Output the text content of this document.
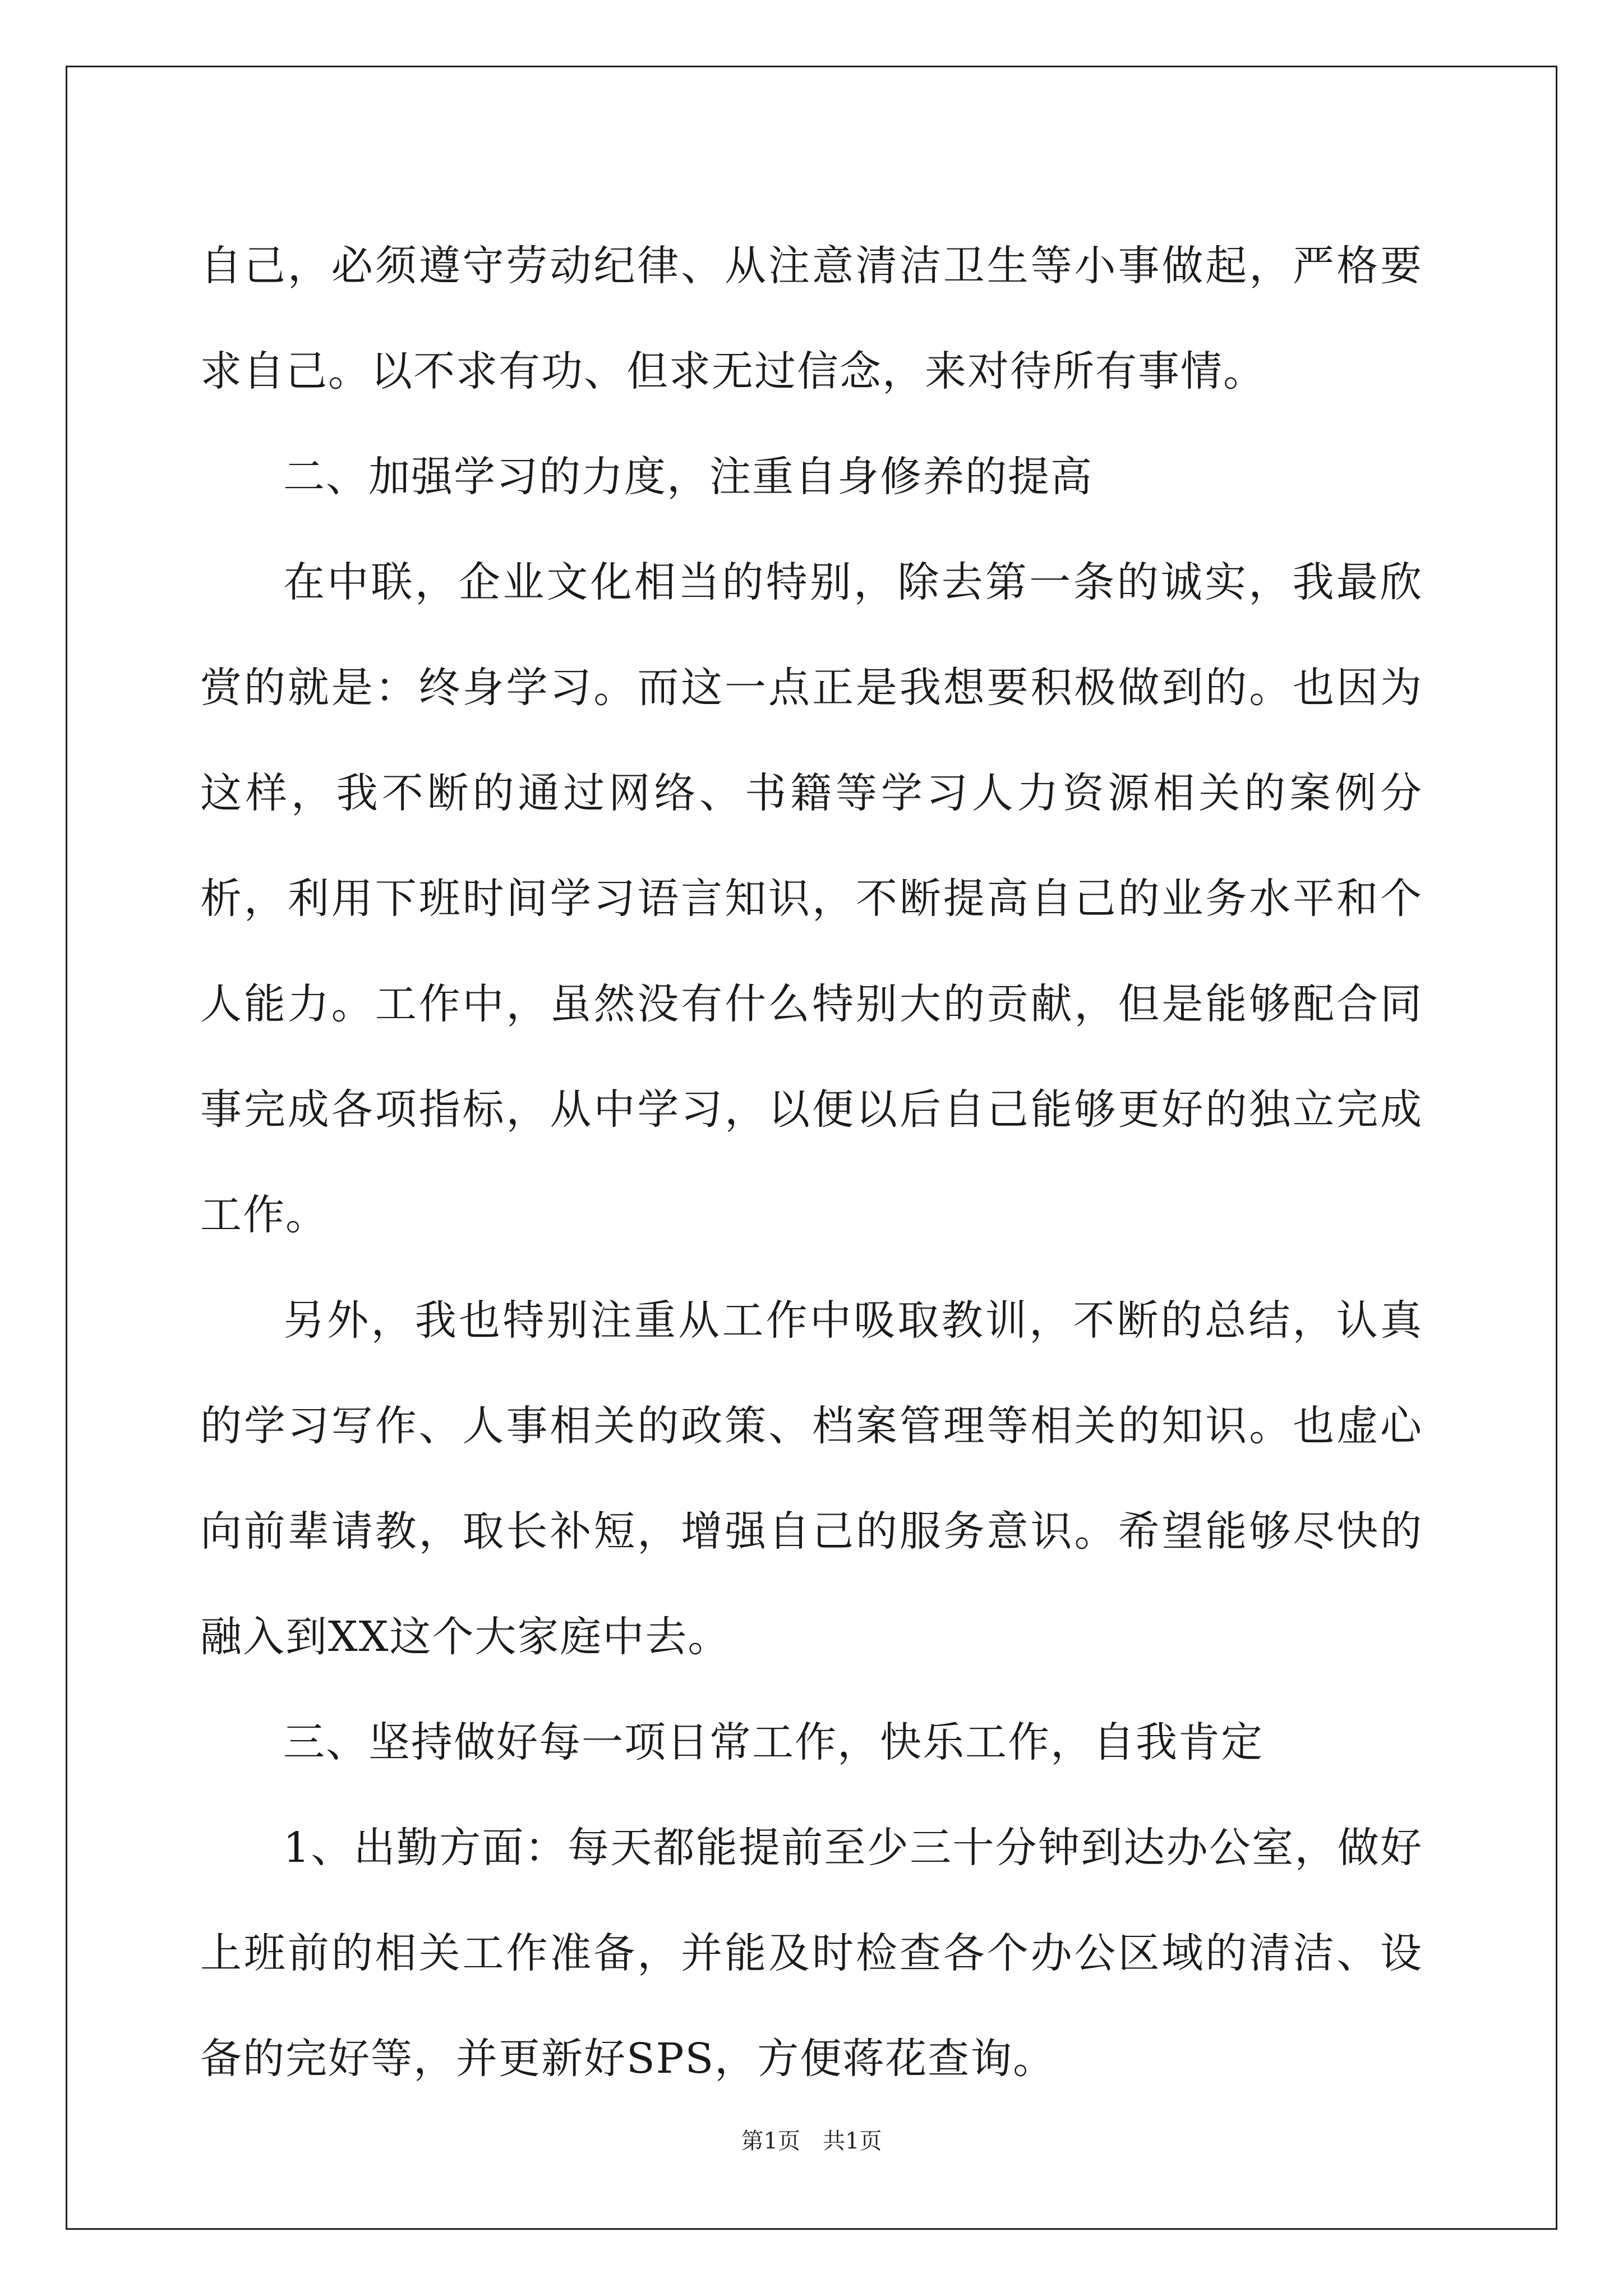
自己，必须遵守劳动纪律、从注意清洁卫生等小事做起，严格要求自己。以不求有功、但求无过信念，来对待所有事情。

二、加强学习的力度，注重自身修养的提高

在中联，企业文化相当的特别，除去第一条的诚实，我最欣赏的就是：终身学习。而这一点正是我想要积极做到的。也因为这样，我不断的通过网络、书籍等学习人力资源相关的案例分析，利用下班时间学习语言知识，不断提高自己的业务水平和个人能力。工作中，虽然没有什么特别大的贡献，但是能够配合同事完成各项指标，从中学习，以便以后自己能够更好的独立完成工作。

另外，我也特别注重从工作中吸取教训，不断的总结，认真的学习写作、人事相关的政策、档案管理等相关的知识。也虚心向前辈请教，取长补短，增强自己的服务意识。希望能够尽快的融入到XX这个大家庭中去。

三、坚持做好每一项日常工作，快乐工作，自我肯定

1、出勤方面：每天都能提前至少三十分钟到达办公室，做好上班前的相关工作准备，并能及时检查各个办公区域的清洁、设备的完好等，并更新好SPS，方便蒋花查询。

第1页 共1页
